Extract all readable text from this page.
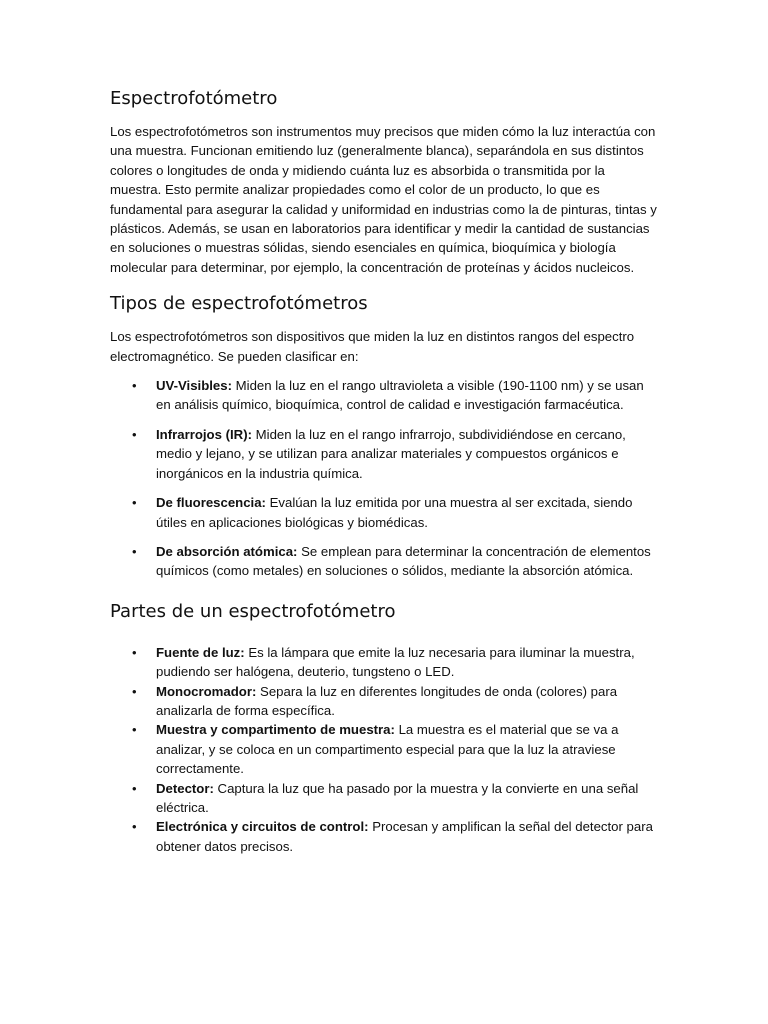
Espectrofotómetro

Los espectrofotómetros son instrumentos muy precisos que miden cómo la luz interactúa con una muestra. Funcionan emitiendo luz (generalmente blanca), separándola en sus distintos colores o longitudes de onda y midiendo cuánta luz es absorbida o transmitida por la muestra. Esto permite analizar propiedades como el color de un producto, lo que es fundamental para asegurar la calidad y uniformidad en industrias como la de pinturas, tintas y plásticos. Además, se usan en laboratorios para identificar y medir la cantidad de sustancias en soluciones o muestras sólidas, siendo esenciales en química, bioquímica y biología molecular para determinar, por ejemplo, la concentración de proteínas y ácidos nucleicos.

Tipos de espectrofotómetros

Los espectrofotómetros son dispositivos que miden la luz en distintos rangos del espectro electromagnético. Se pueden clasificar en:

• UV-Visibles: Miden la luz en el rango ultravioleta a visible (190-1100 nm) y se usan en análisis químico, bioquímica, control de calidad e investigación farmacéutica.
• Infrarrojos (IR): Miden la luz en el rango infrarrojo, subdividiéndose en cercano, medio y lejano, y se utilizan para analizar materiales y compuestos orgánicos e inorgánicos en la industria química.
• De fluorescencia: Evalúan la luz emitida por una muestra al ser excitada, siendo útiles en aplicaciones biológicas y biomédicas.
• De absorción atómica: Se emplean para determinar la concentración de elementos químicos (como metales) en soluciones o sólidos, mediante la absorción atómica.
Partes de un espectrofotómetro
• Fuente de luz: Es la lámpara que emite la luz necesaria para iluminar la muestra, pudiendo ser halógena, deuterio, tungsteno o LED.
• Monocromador: Separa la luz en diferentes longitudes de onda (colores) para analizarla de forma específica.
• Muestra y compartimento de muestra: La muestra es el material que se va a analizar, y se coloca en un compartimento especial para que la luz la atraviese correctamente.
• Detector: Captura la luz que ha pasado por la muestra y la convierte en una señal eléctrica.
• Electrónica y circuitos de control: Procesan y amplifican la señal del detector para obtener datos precisos.
